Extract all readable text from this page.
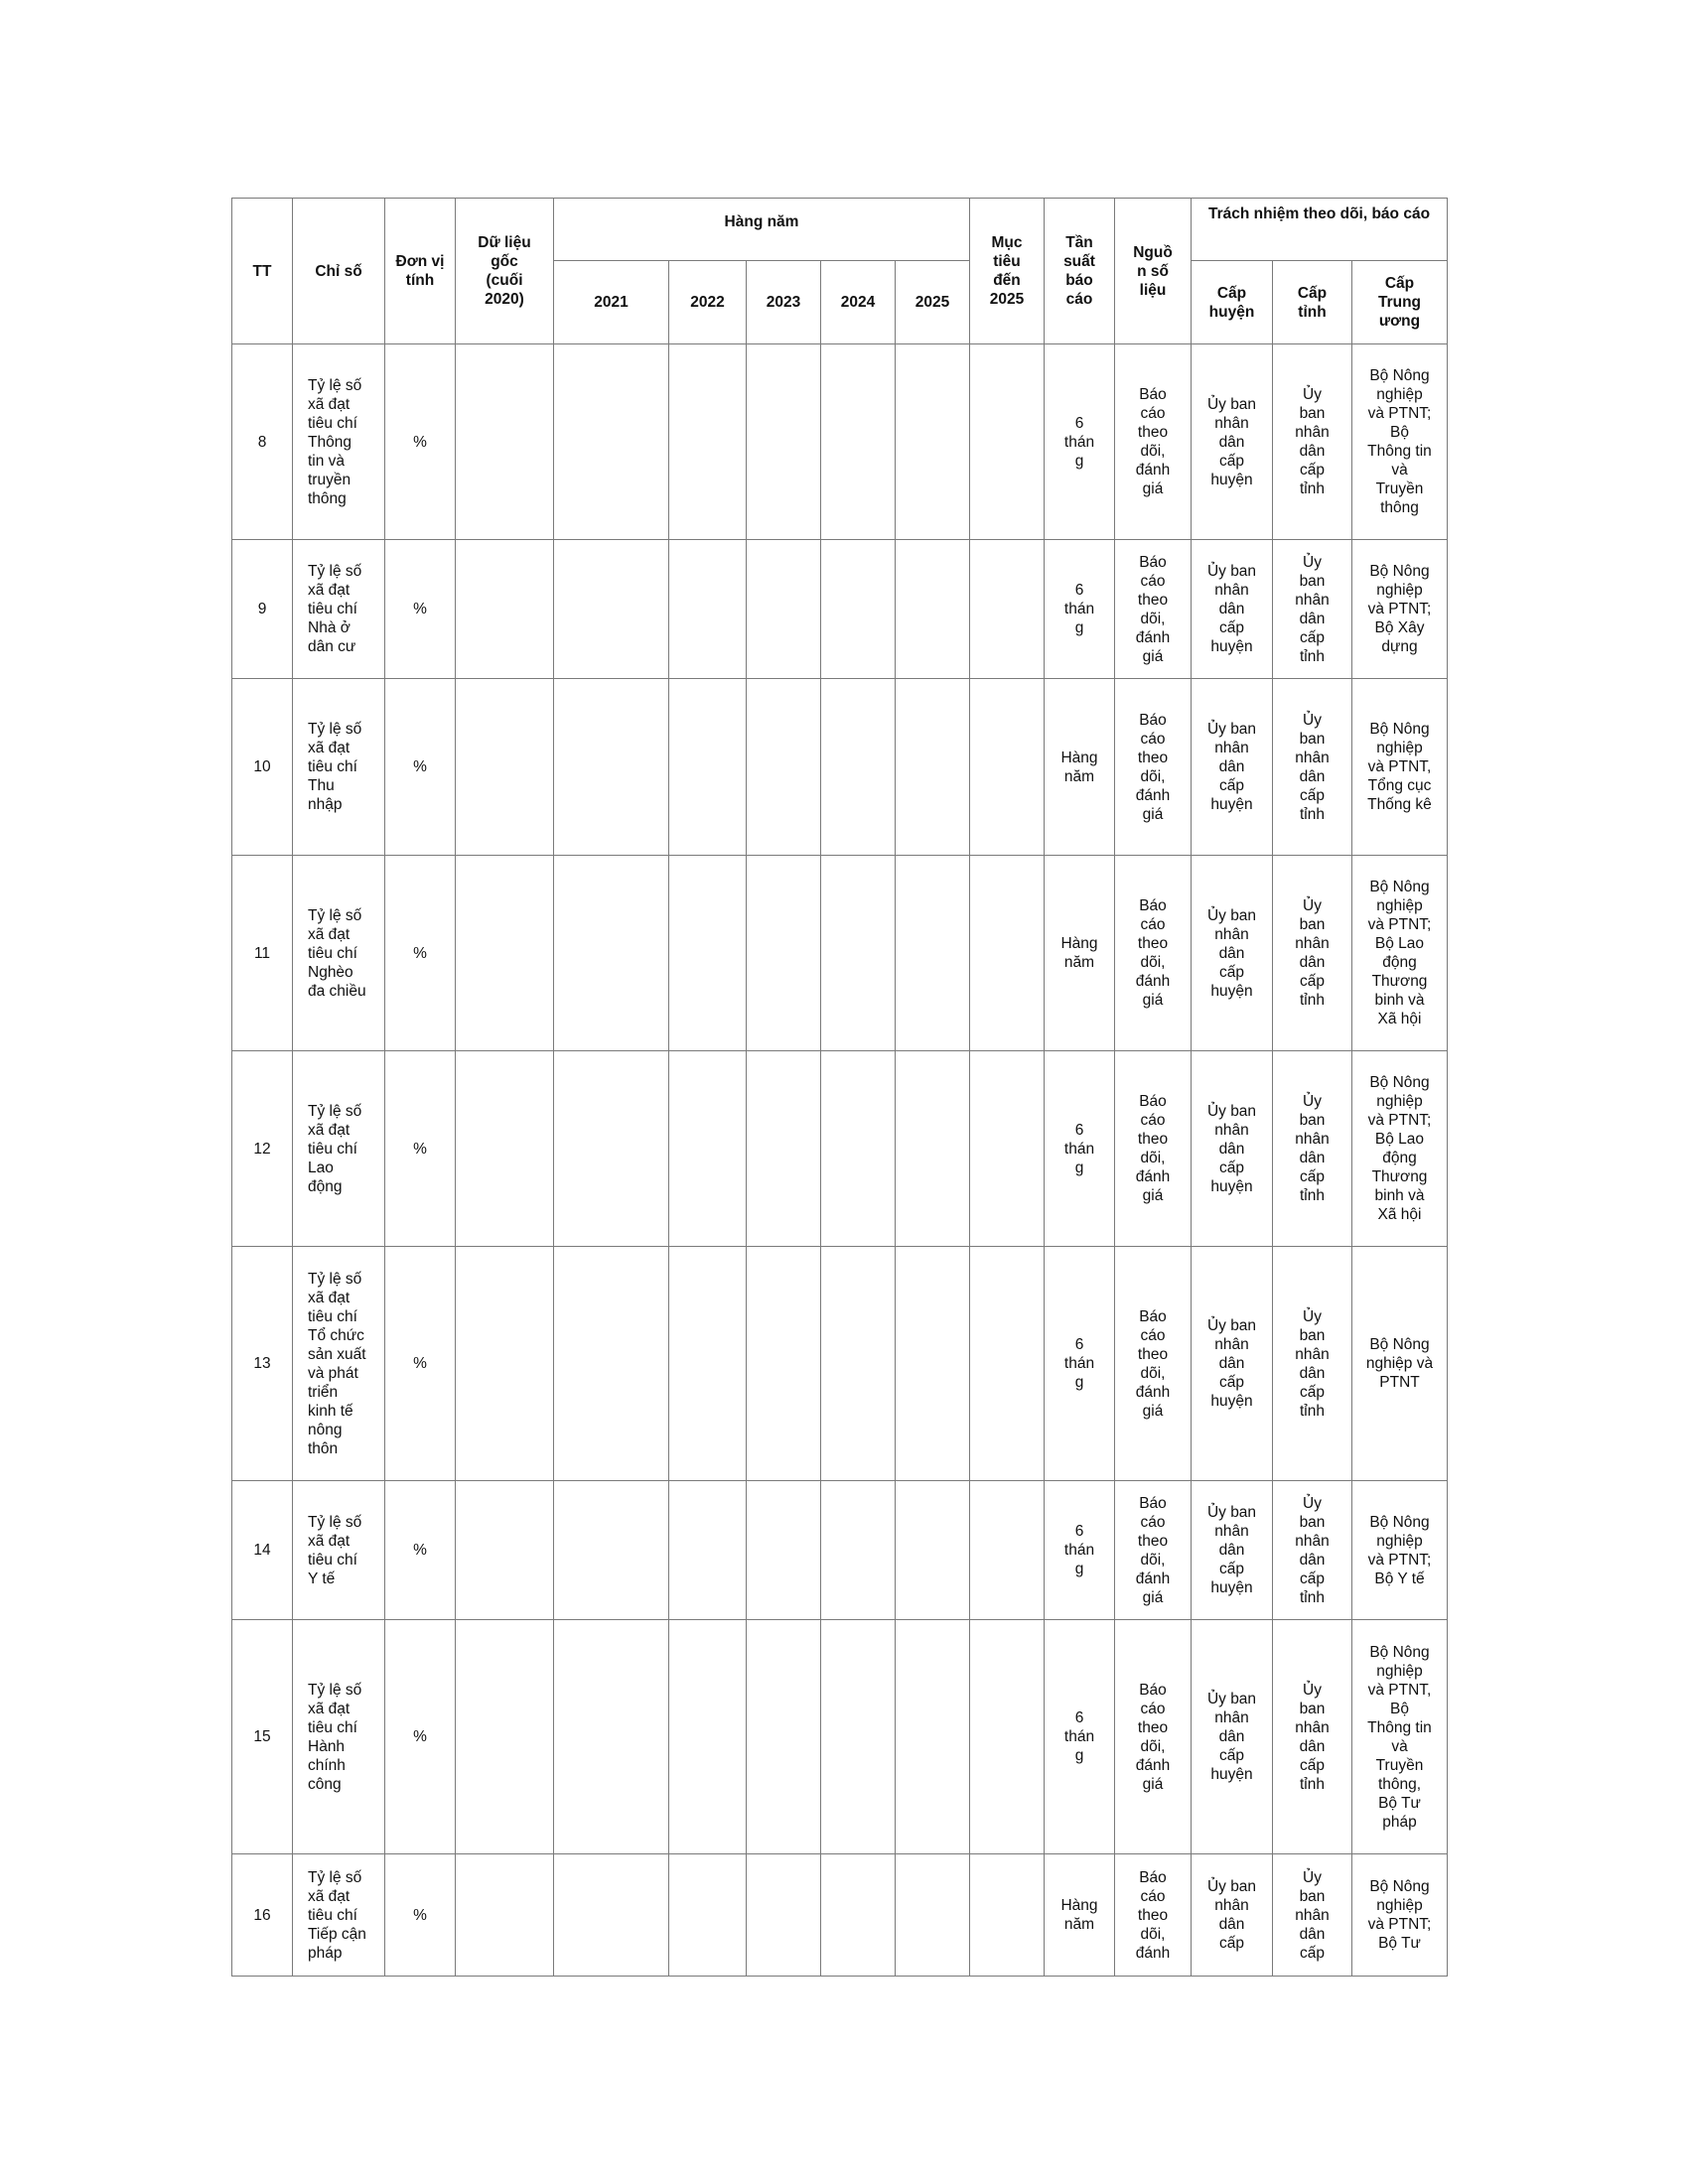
TT	Chỉ số	Đơn vị tính	Dữ liệu gốc (cuối 2020)	Hàng năm					Mục tiêu đến 2025	Tần suất báo cáo	Nguồn số liệu	Trách nhiệm theo dõi, báo cáo		
				2021	2022	2023	2024	2025				Cấp huyện	Cấp tỉnh	Cấp Trung ương
8	Tỷ lệ số xã đạt tiêu chí Thông tin và truyền thông	%								6 tháng	Báo cáo theo dõi, đánh giá	Ủy ban nhân dân cấp huyện	Ủy ban nhân dân cấp tỉnh	Bộ Nông nghiệp và PTNT; Bộ Thông tin và Truyền thông
9	Tỷ lệ số xã đạt tiêu chí Nhà ở dân cư	%								6 tháng	Báo cáo theo dõi, đánh giá	Ủy ban nhân dân cấp huyện	Ủy ban nhân dân cấp tỉnh	Bộ Nông nghiệp và PTNT; Bộ Xây dựng
10	Tỷ lệ số xã đạt tiêu chí Thu nhập	%								Hàng năm	Báo cáo theo dõi, đánh giá	Ủy ban nhân dân cấp huyện	Ủy ban nhân dân cấp tỉnh	Bộ Nông nghiệp và PTNT, Tổng cục Thống kê
11	Tỷ lệ số xã đạt tiêu chí Nghèo đa chiều	%								Hàng năm	Báo cáo theo dõi, đánh giá	Ủy ban nhân dân cấp huyện	Ủy ban nhân dân cấp tỉnh	Bộ Nông nghiệp và PTNT; Bộ Lao động Thương binh và Xã hội
12	Tỷ lệ số xã đạt tiêu chí Lao động	%								6 tháng	Báo cáo theo dõi, đánh giá	Ủy ban nhân dân cấp huyện	Ủy ban nhân dân cấp tỉnh	Bộ Nông nghiệp và PTNT; Bộ Lao động Thương binh và Xã hội
13	Tỷ lệ số xã đạt tiêu chí Tổ chức sản xuất và phát triển kinh tế nông thôn	%								6 tháng	Báo cáo theo dõi, đánh giá	Ủy ban nhân dân cấp huyện	Ủy ban nhân dân cấp tỉnh	Bộ Nông nghiệp và PTNT
14	Tỷ lệ số xã đạt tiêu chí Y tế	%								6 tháng	Báo cáo theo dõi, đánh giá	Ủy ban nhân dân cấp huyện	Ủy ban nhân dân cấp tỉnh	Bộ Nông nghiệp và PTNT; Bộ Y tế
15	Tỷ lệ số xã đạt tiêu chí Hành chính công	%								6 tháng	Báo cáo theo dõi, đánh giá	Ủy ban nhân dân cấp huyện	Ủy ban nhân dân cấp tỉnh	Bộ Nông nghiệp và PTNT, Bộ Thông tin và Truyền thông, Bộ Tư pháp
16	Tỷ lệ số xã đạt tiêu chí Tiếp cận pháp	%								Hàng năm	Báo cáo theo dõi, đánh	Ủy ban nhân dân cấp	Ủy ban nhân dân cấp	Bộ Nông nghiệp và PTNT; Bộ Tư
